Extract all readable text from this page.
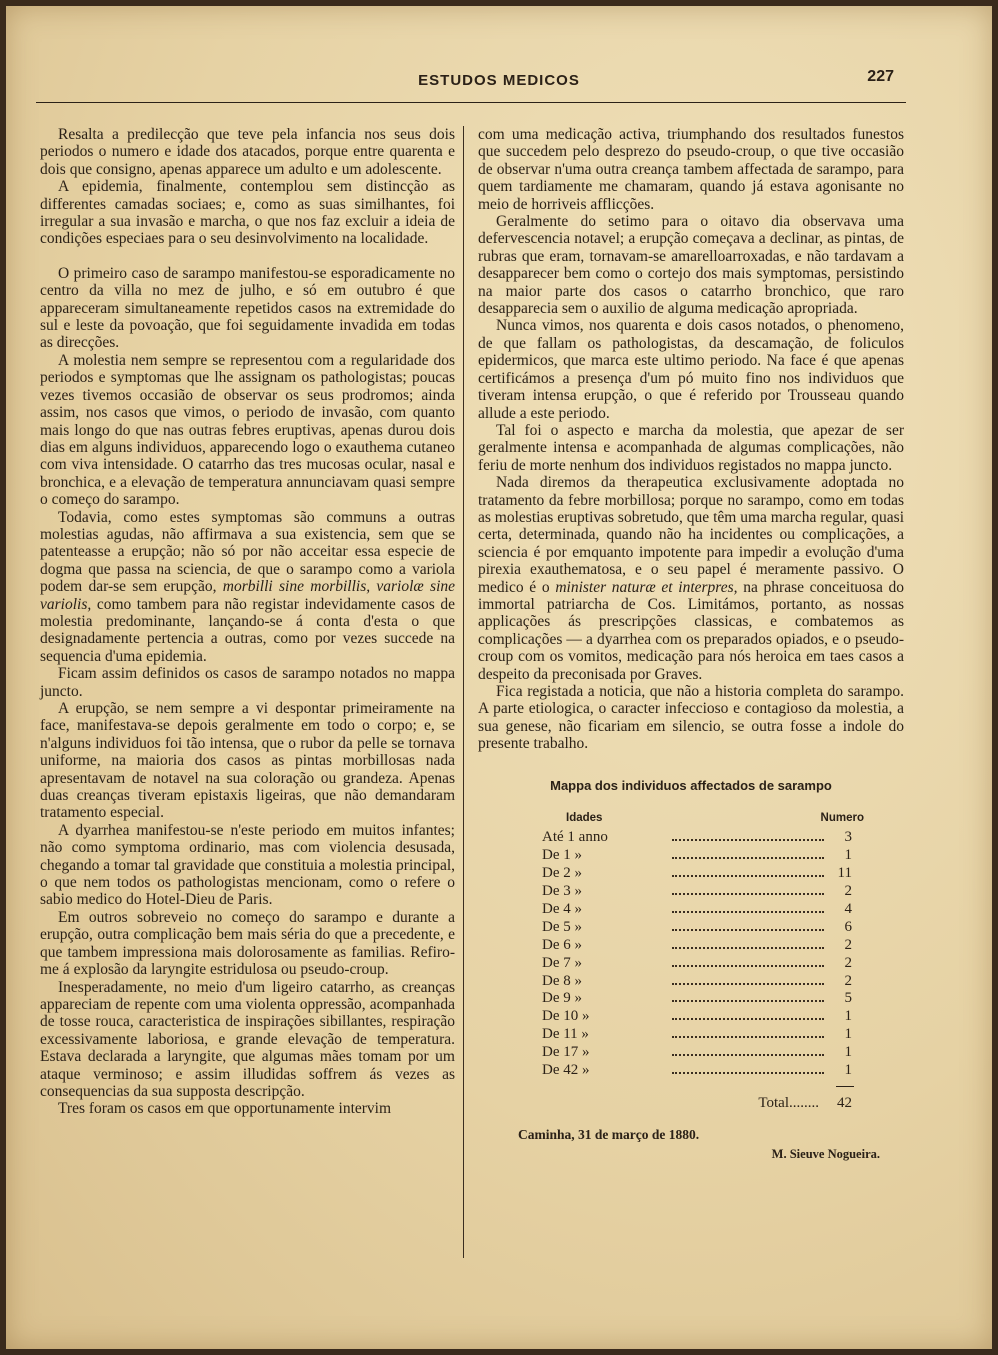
ESTUDOS MEDICOS	227

Resalta a predilecção que teve pela infancia nos seus dois periodos o numero e idade dos atacados, porque entre quarenta e dois que consigno, apenas apparece um adulto e um adolescente.

A epidemia, finalmente, contemplou sem distincção as differentes camadas sociaes; e, como as suas similhantes, foi irregular a sua invasão e marcha, o que nos faz excluir a ideia de condições especiaes para o seu desinvolvimento na localidade.

O primeiro caso de sarampo manifestou-se esporadicamente no centro da villa no mez de julho, e só em outubro é que appareceram simultaneamente repetidos casos na extremidade do sul e leste da povoação, que foi seguidamente invadida em todas as direcções.

A molestia nem sempre se representou com a regularidade dos periodos e symptomas que lhe assignam os pathologistas; poucas vezes tivemos occasião de observar os seus prodromos; ainda assim, nos casos que vimos, o periodo de invasão, com quanto mais longo do que nas outras febres eruptivas, apenas durou dois dias em alguns individuos, apparecendo logo o exauthema cutaneo com viva intensidade. O catarrho das tres mucosas ocular, nasal e bronchica, e a elevação de temperatura annunciavam quasi sempre o começo do sarampo.

Todavia, como estes symptomas são communs a outras molestias agudas, não affirmava a sua existencia, sem que se patenteasse a erupção; não só por não acceitar essa especie de dogma que passa na sciencia, de que o sarampo como a variola podem dar-se sem erupção, morbilli sine morbillis, variolæ sine variolis, como tambem para não registar indevidamente casos de molestia predominante, lançando-se á conta d'esta o que designadamente pertencia a outras, como por vezes succede na sequencia d'uma epidemia.

Ficam assim definidos os casos de sarampo notados no mappa juncto.

A erupção, se nem sempre a vi despontar primeiramente na face, manifestava-se depois geralmente em todo o corpo; e, se n'alguns individuos foi tão intensa, que o rubor da pelle se tornava uniforme, na maioria dos casos as pintas morbillosas nada apresentavam de notavel na sua coloração ou grandeza. Apenas duas creanças tiveram epistaxis ligeiras, que não demandaram tratamento especial.

A dyarrhea manifestou-se n'este periodo em muitos infantes; não como symptoma ordinario, mas com violencia desusada, chegando a tomar tal gravidade que constituia a molestia principal, o que nem todos os pathologistas mencionam, como o refere o sabio medico do Hotel-Dieu de Paris.

Em outros sobreveio no começo do sarampo e durante a erupção, outra complicação bem mais séria do que a precedente, e que tambem impressiona mais dolorosamente as familias. Refiro-me á explosão da laryngite estridulosa ou pseudo-croup.

Inesperadamente, no meio d'um ligeiro catarrho, as creanças appareciam de repente com uma violenta oppressão, acompanhada de tosse rouca, caracteristica de inspirações sibillantes, respiração excessivamente laboriosa, e grande elevação de temperatura. Estava declarada a laryngite, que algumas mães tomam por um ataque verminoso; e assim illudidas soffrem ás vezes as consequencias da sua supposta descripção.

Tres foram os casos em que opportunamente intervim

com uma medicação activa, triumphando dos resultados funestos que succedem pelo desprezo do pseudo-croup, o que tive occasião de observar n'uma outra creança tambem affectada de sarampo, para quem tardiamente me chamaram, quando já estava agonisante no meio de horriveis afflicções.

Geralmente do setimo para o oitavo dia observava uma defervescencia notavel; a erupção começava a declinar, as pintas, de rubras que eram, tornavam-se amarelloarroxadas, e não tardavam a desapparecer bem como o cortejo dos mais symptomas, persistindo na maior parte dos casos o catarrho bronchico, que raro desapparecia sem o auxilio de alguma medicação apropriada.

Nunca vimos, nos quarenta e dois casos notados, o phenomeno, de que fallam os pathologistas, da descamação, de foliculos epidermicos, que marca este ultimo periodo. Na face é que apenas certificámos a presença d'um pó muito fino nos individuos que tiveram intensa erupção, o que é referido por Trousseau quando allude a este periodo.

Tal foi o aspecto e marcha da molestia, que apezar de ser geralmente intensa e acompanhada de algumas complicações, não feriu de morte nenhum dos individuos registados no mappa juncto.

Nada diremos da therapeutica exclusivamente adoptada no tratamento da febre morbillosa; porque no sarampo, como em todas as molestias eruptivas sobretudo, que têm uma marcha regular, quasi certa, determinada, quando não ha incidentes ou complicações, a sciencia é por emquanto impotente para impedir a evolução d'uma pirexia exauthematosa, e o seu papel é meramente passivo. O medico é o minister naturæ et interpres, na phrase conceituosa do immortal patriarcha de Cos. Limitámos, portanto, as nossas applicações ás prescripções classicas, e combatemos as complicações — a dyarrhea com os preparados opiados, e o pseudo-croup com os vomitos, medicação para nós heroica em taes casos a despeito da preconisada por Graves.

Fica registada a noticia, que não a historia completa do sarampo. A parte etiologica, o caracter infeccioso e contagioso da molestia, a sua genese, não ficariam em silencio, se outra fosse a indole do presente trabalho.

Mappa dos individuos affectados de sarampo
Idades	Numero
Até 1 anno	3
De 1 »	1
De 2 »	11
De 3 »	2
De 4 »	4
De 5 »	6
De 6 »	2
De 7 »	2
De 8 »	2
De 9 »	5
De 10 »	1
De 11 »	1
De 17 »	1
De 42 »	1
Total........ 42
Caminha, 31 de março de 1880.
M. Sieuve Nogueira.
